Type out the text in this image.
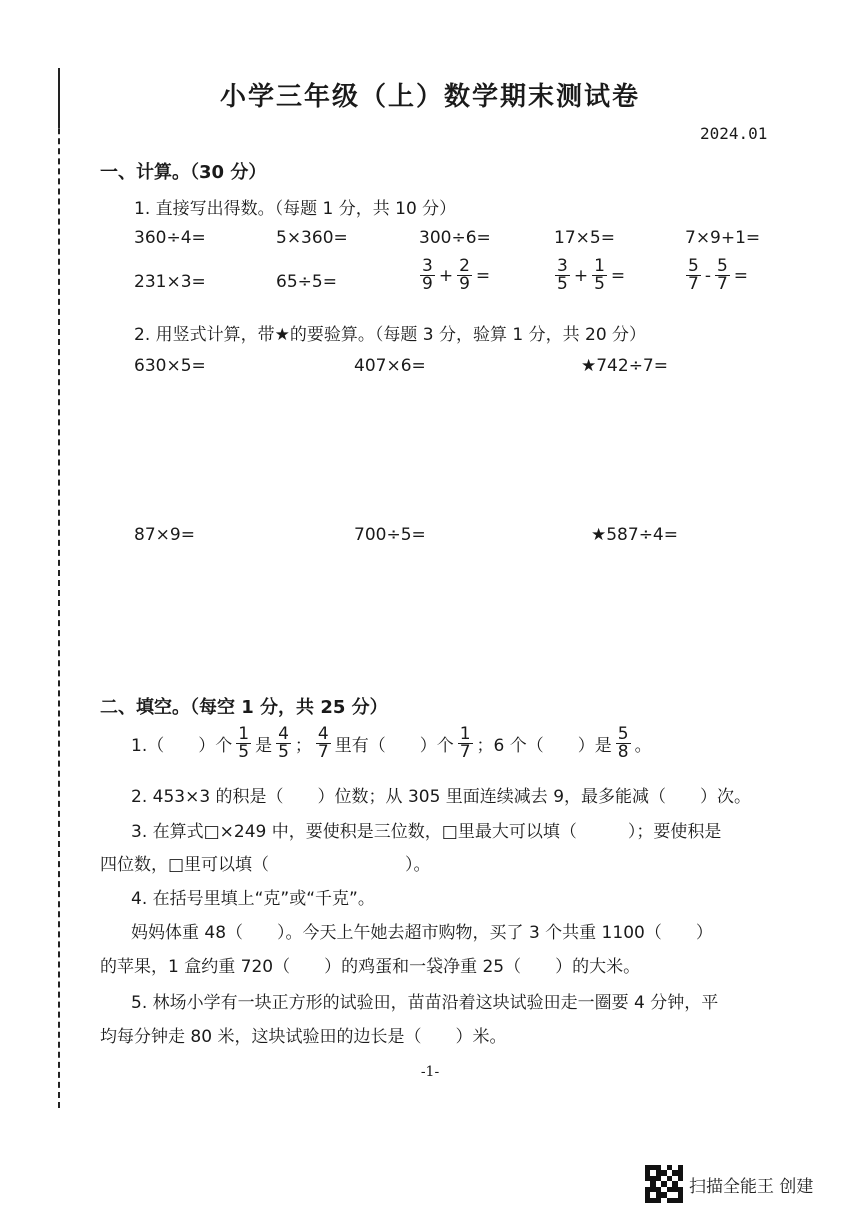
小学三年级（上）数学期末测试卷
2024.01
一、计算。（30 分）
1. 直接写出得数。（每题 1 分，共 10 分）
360÷4=	5×360=	300÷6=	17×5=	7×9+1=
231×3=	65÷5=	$\frac{3}{9} + \frac{2}{9}$ =	$\frac{3}{5} + \frac{1}{5}$ =	$\frac{5}{7} - \frac{5}{7}$ =
2. 用竖式计算，带★的要验算。（每题 3 分，验算 1 分，共 20 分）
630×5=	407×6=	★742÷7=
87×9=	700÷5=	★587÷4=
二、填空。（每空 1 分，共 25 分）
1.（　　）个 $\frac{1}{5}$ 是 $\frac{4}{5}$ ； $\frac{4}{7}$ 里有（　　）个 $\frac{1}{7}$ ；6 个（　　）是 $\frac{5}{8}$ 。
2. 453×3 的积是（　　）位数；从 305 里面连续减去 9，最多能减（　　）次。
3. 在算式□×249 中，要使积是三位数，□里最大可以填（　　　）；要使积是
四位数，□里可以填（　　　　　　　　）。
4. 在括号里填上“克”或“千克”。
妈妈体重 48（　　）。今天上午她去超市购物，买了 3 个共重 1100（　　）
的苹果，1 盒约重 720（　　）的鸡蛋和一袋净重 25（　　）的大米。
5. 林场小学有一块正方形的试验田，苗苗沿着这块试验田走一圈要 4 分钟，平
均每分钟走 80 米，这块试验田的边长是（　　）米。
-1-
扫描全能王 创建
